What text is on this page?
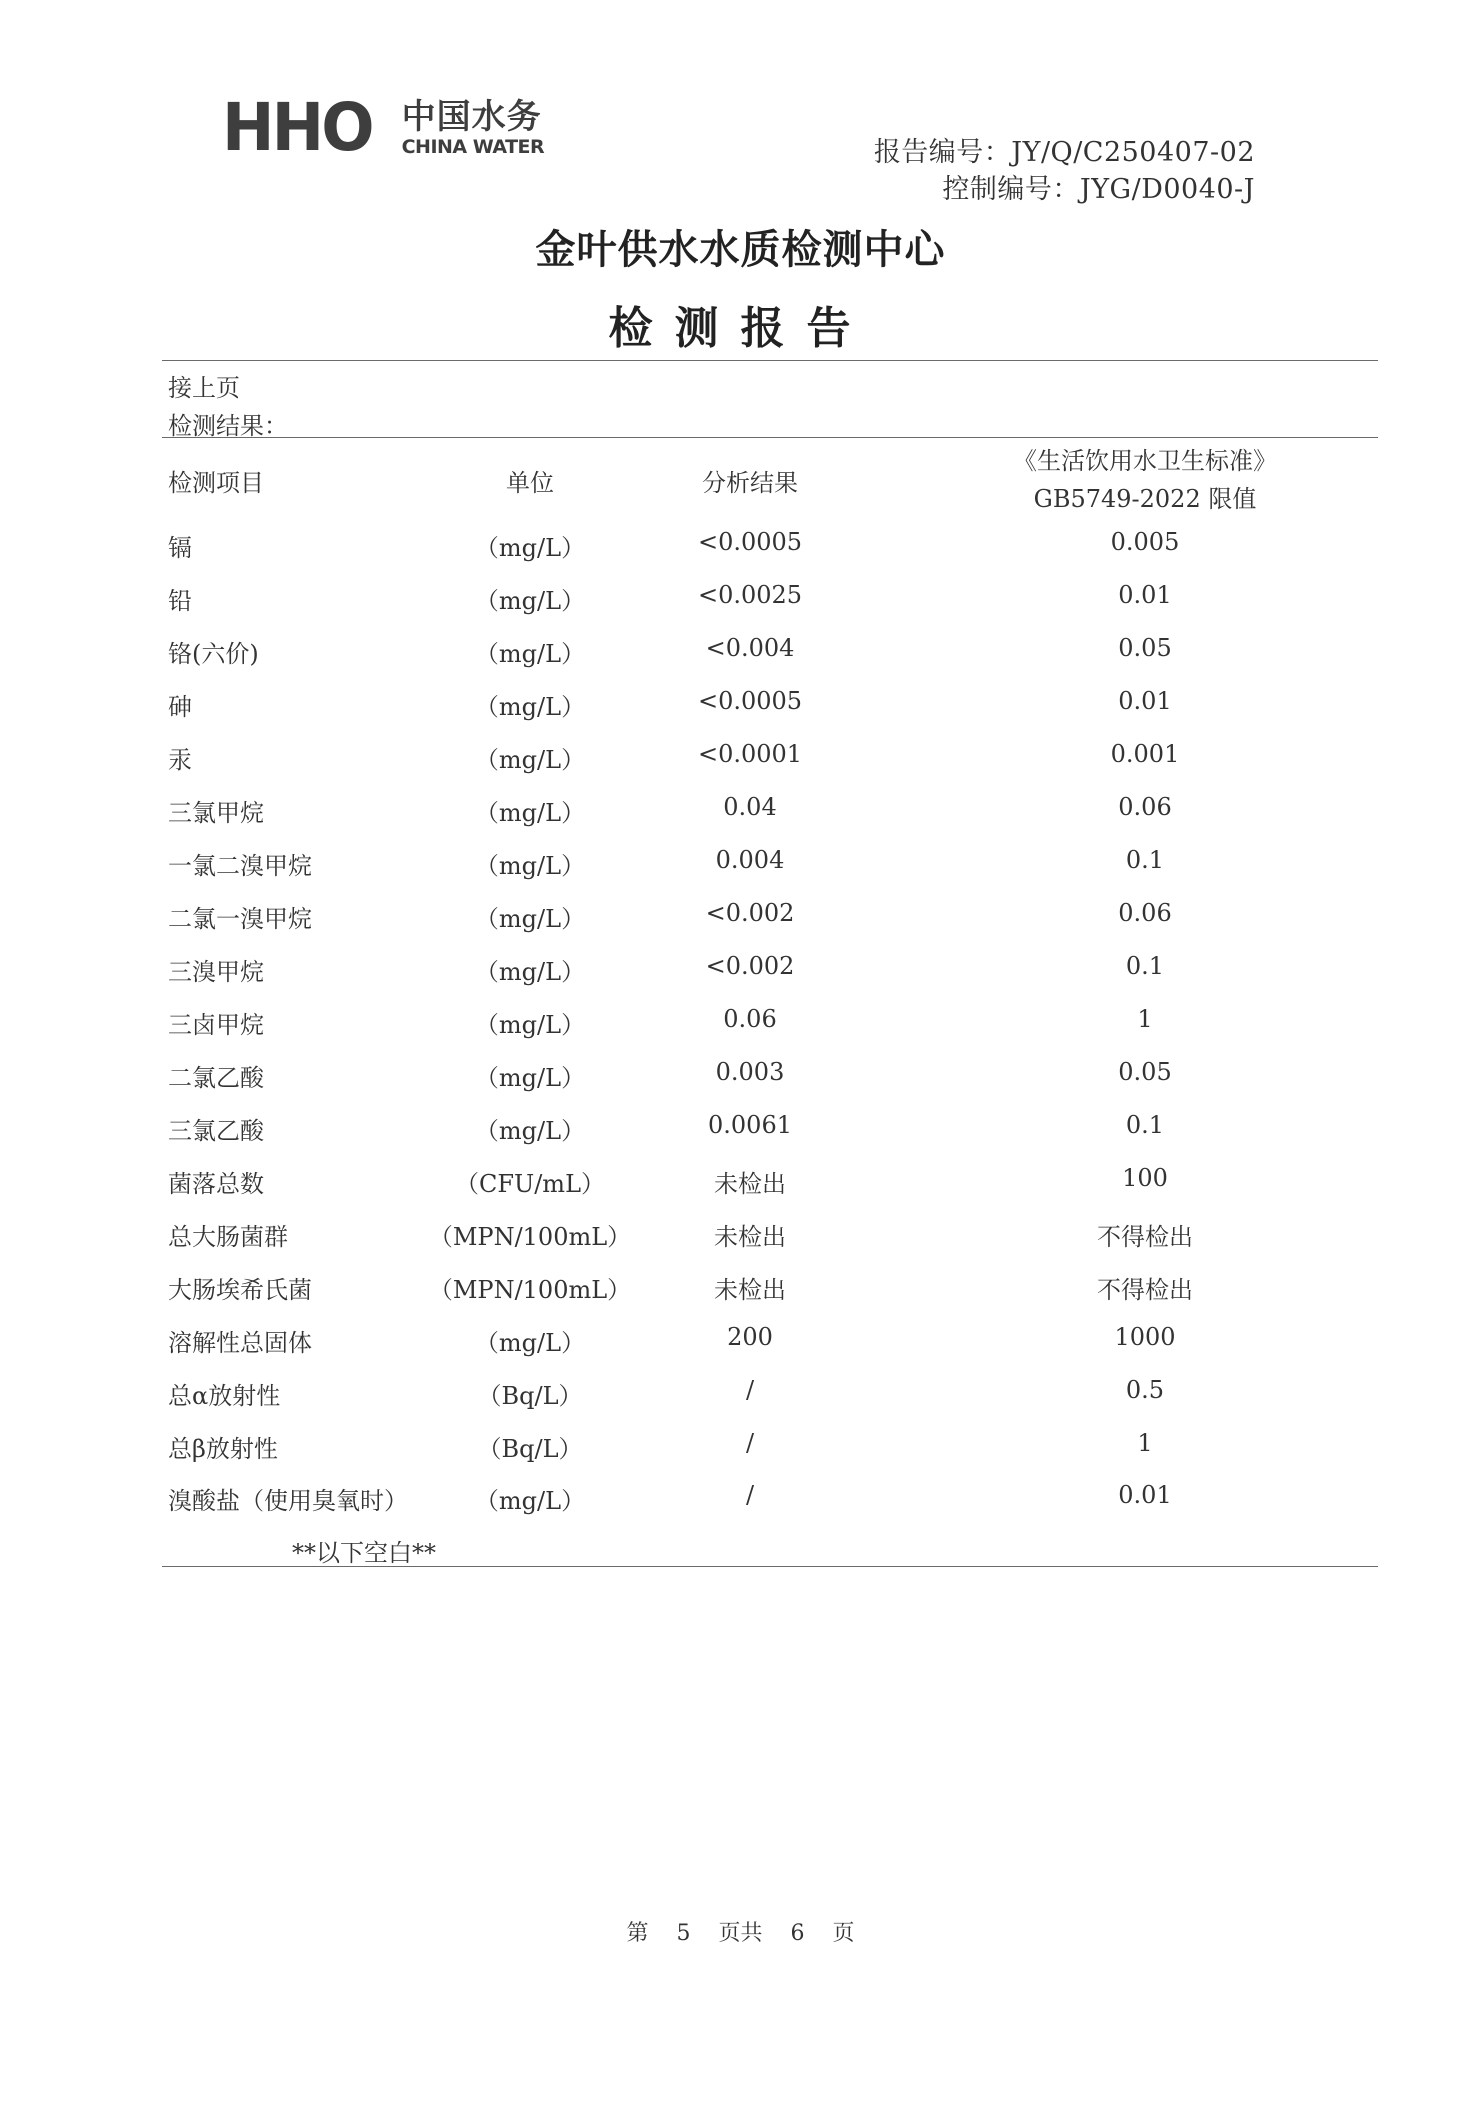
HHO 中国水务
CHINA WATER	报告编号：JY/Q/C250407-02
控制编号：JYG/D0040-J
金叶供水水质检测中心
检测报告
接上页
检测结果：
检测项目	单位	分析结果
《生活饮用水卫生标准》
GB5749-2022 限值
镉	（mg/L）	<0.0005	0.005
铅	（mg/L）	<0.0025	0.01
铬(六价)	（mg/L）	<0.004	0.05
砷	（mg/L）	<0.0005	0.01
汞	（mg/L）	<0.0001	0.001
三氯甲烷	（mg/L）	0.04	0.06
一氯二溴甲烷	（mg/L）	0.004	0.1
二氯一溴甲烷	（mg/L）	<0.002	0.06
三溴甲烷	（mg/L）	<0.002	0.1
三卤甲烷	（mg/L）	0.06	1
二氯乙酸	（mg/L）	0.003	0.05
三氯乙酸	（mg/L）	0.0061	0.1
菌落总数	（CFU/mL）	未检出	100
总大肠菌群	（MPN/100mL）	未检出	不得检出
大肠埃希氏菌	（MPN/100mL）	未检出	不得检出
溶解性总固体	（mg/L）	200	1000
总α放射性	（Bq/L）	/	0.5
总β放射性	（Bq/L）	/	1
溴酸盐（使用臭氧时）	（mg/L）	/	0.01
**以下空白**
第 5 页共 6 页
